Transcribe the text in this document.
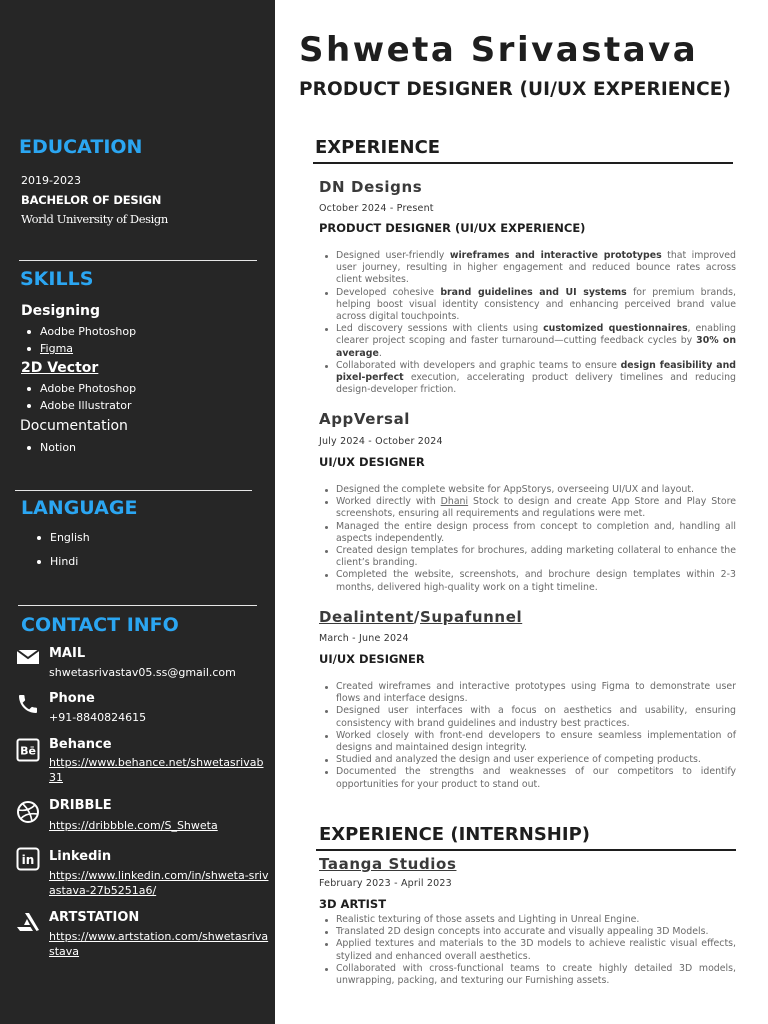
EDUCATION
2019-2023
BACHELOR OF DESIGN
World University of Design
SKILLS
Designing
Aodbe Photoshop
Figma
2D Vector
Adobe Photoshop
Adobe Illustrator
Documentation
Notion
LANGUAGE
English
Hindi
CONTACT INFO
MAIL
shwetasrivastav05.ss@gmail.com
Phone
+91-8840824615
Bē Behance
https://www.behance.net/shwetasrivab31
DRIBBLE
https://dribbble.com/S_Shweta
in Linkedin
https://www.linkedin.com/in/shweta-srivastava-27b5251a6/
ARTSTATION
https://www.artstation.com/shwetasrivastava
Shweta Srivastava
PRODUCT DESIGNER (UI/UX EXPERIENCE)
EXPERIENCE
DN Designs
October 2024 - Present
PRODUCT DESIGNER (UI/UX EXPERIENCE)
Designed user-friendly wireframes and interactive prototypes that improved user journey, resulting in higher engagement and reduced bounce rates across client websites.
Developed cohesive brand guidelines and UI systems for premium brands, helping boost visual identity consistency and enhancing perceived brand value across digital touchpoints.
Led discovery sessions with clients using customized questionnaires, enabling clearer project scoping and faster turnaround—cutting feedback cycles by 30% on average.
Collaborated with developers and graphic teams to ensure design feasibility and pixel-perfect execution, accelerating product delivery timelines and reducing design-developer friction.
AppVersal
July 2024 - October 2024
UI/UX DESIGNER
Designed the complete website for AppStorys, overseeing UI/UX and layout.
Worked directly with Dhani Stock to design and create App Store and Play Store screenshots, ensuring all requirements and regulations were met.
Managed the entire design process from concept to completion and, handling all aspects independently.
Created design templates for brochures, adding marketing collateral to enhance the client’s branding.
Completed the website, screenshots, and brochure design templates within 2-3 months, delivered high-quality work on a tight timeline.
Dealintent/Supafunnel
March - June 2024
UI/UX DESIGNER
Created wireframes and interactive prototypes using Figma to demonstrate user flows and interface designs.
Designed user interfaces with a focus on aesthetics and usability, ensuring consistency with brand guidelines and industry best practices.
Worked closely with front-end developers to ensure seamless implementation of designs and maintained design integrity.
Studied and analyzed the design and user experience of competing products.
Documented the strengths and weaknesses of our competitors to identify opportunities for your product to stand out.
EXPERIENCE (INTERNSHIP)
Taanga Studios
February 2023 - April 2023
3D ARTIST
Realistic texturing of those assets and Lighting in Unreal Engine.
Translated 2D design concepts into accurate and visually appealing 3D Models.
Applied textures and materials to the 3D models to achieve realistic visual effects, stylized and enhanced overall aesthetics.
Collaborated with cross-functional teams to create highly detailed 3D models, unwrapping, packing, and texturing our Furnishing assets.
